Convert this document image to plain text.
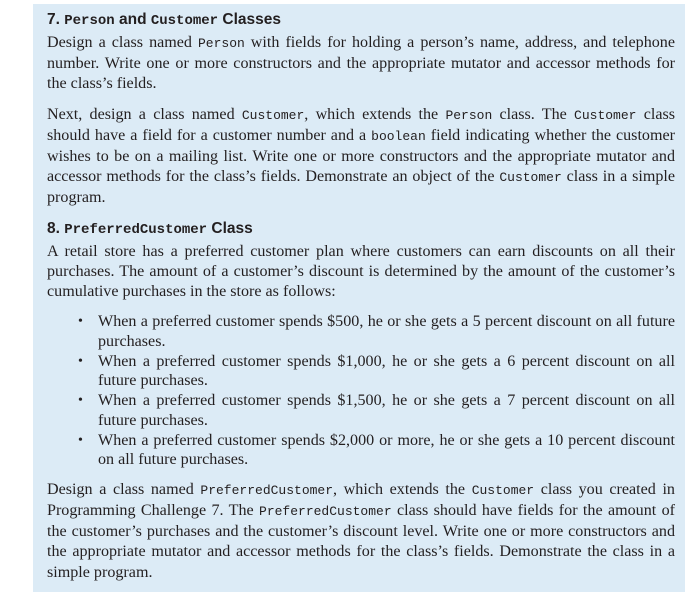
7. Person and Customer Classes

Design a class named Person with fields for holding a person’s name, address, and telephone number. Write one or more constructors and the appropriate mutator and accessor methods for the class’s fields.

Next, design a class named Customer, which extends the Person class. The Customer class should have a field for a customer number and a boolean field indicating whether the customer wishes to be on a mailing list. Write one or more constructors and the appropriate mutator and accessor methods for the class’s fields. Demonstrate an object of the Customer class in a simple program.

8. PreferredCustomer Class

A retail store has a preferred customer plan where customers can earn discounts on all their purchases. The amount of a customer’s discount is determined by the amount of the customer’s cumulative purchases in the store as follows:

• When a preferred customer spends $500, he or she gets a 5 percent discount on all future purchases.
• When a preferred customer spends $1,000, he or she gets a 6 percent discount on all future purchases.
• When a preferred customer spends $1,500, he or she gets a 7 percent discount on all future purchases.
• When a preferred customer spends $2,000 or more, he or she gets a 10 percent discount on all future purchases.

Design a class named PreferredCustomer, which extends the Customer class you created in Programming Challenge 7. The PreferredCustomer class should have fields for the amount of the customer’s purchases and the customer’s discount level. Write one or more constructors and the appropriate mutator and accessor methods for the class’s fields. Demonstrate the class in a simple program.
